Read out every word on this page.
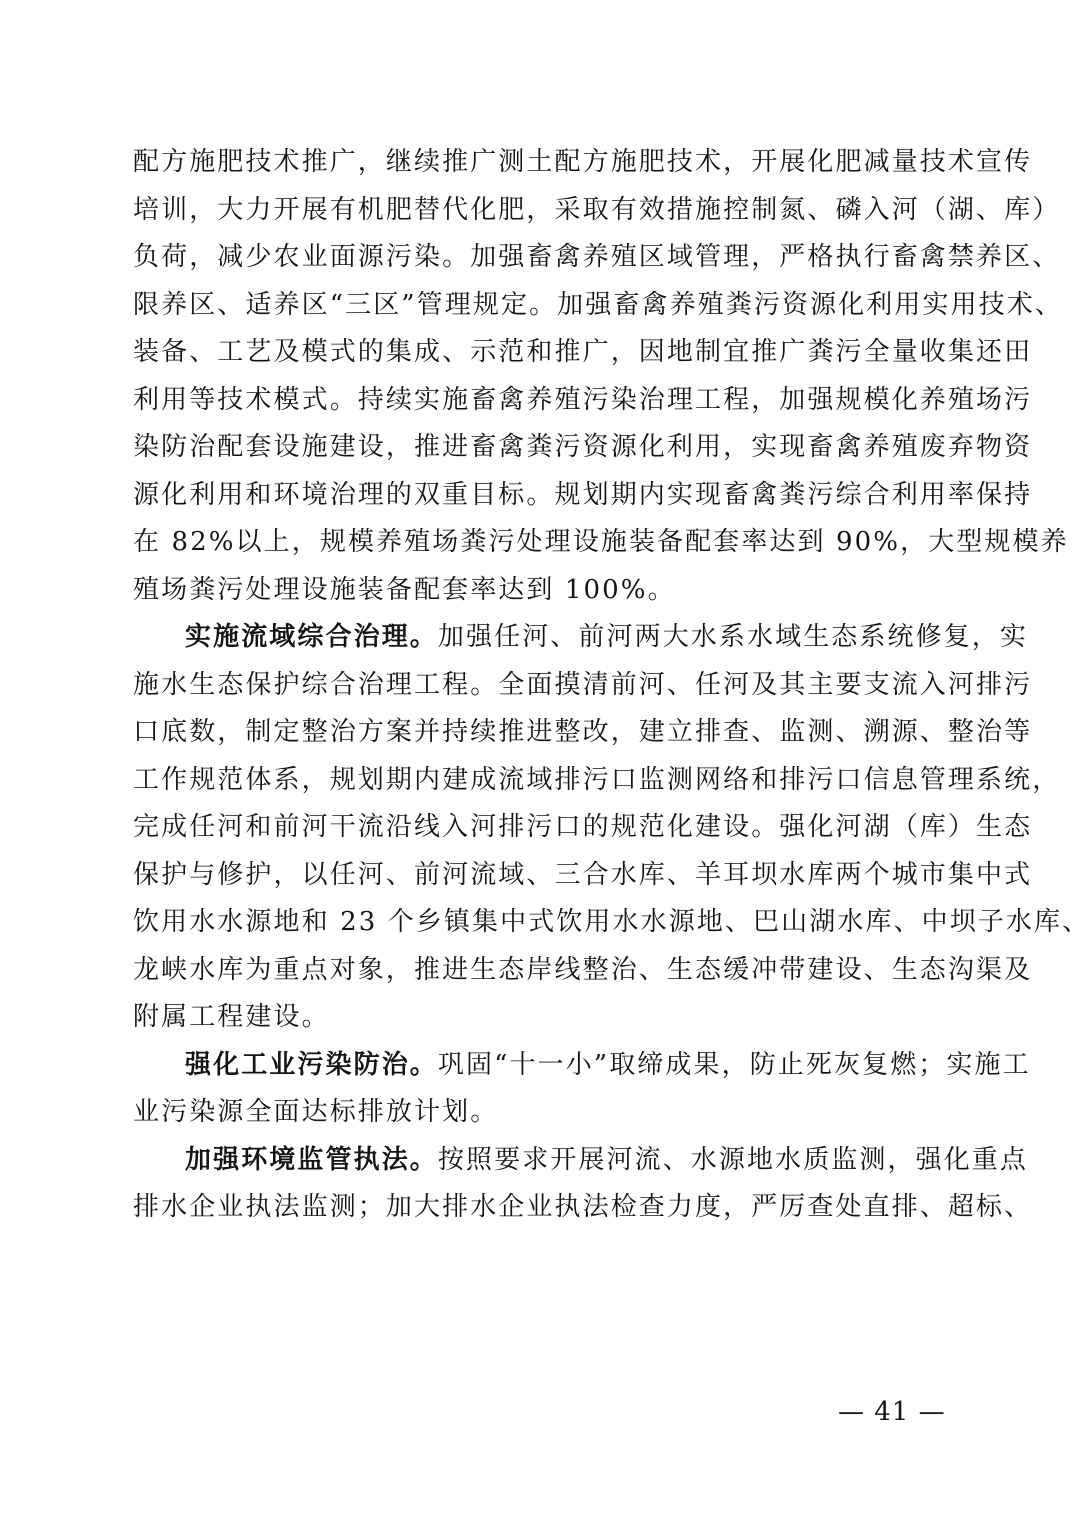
配方施肥技术推广，继续推广测土配方施肥技术，开展化肥减量技术宣传
培训，大力开展有机肥替代化肥，采取有效措施控制氮、磷入河（湖、库）
负荷，减少农业面源污染。加强畜禽养殖区域管理，严格执行畜禽禁养区、
限养区、适养区“三区”管理规定。加强畜禽养殖粪污资源化利用实用技术、
装备、工艺及模式的集成、示范和推广，因地制宜推广粪污全量收集还田
利用等技术模式。持续实施畜禽养殖污染治理工程，加强规模化养殖场污
染防治配套设施建设，推进畜禽粪污资源化利用，实现畜禽养殖废弃物资
源化利用和环境治理的双重目标。规划期内实现畜禽粪污综合利用率保持
在 82%以上，规模养殖场粪污处理设施装备配套率达到 90%，大型规模养
殖场粪污处理设施装备配套率达到 100%。

实施流域综合治理。加强任河、前河两大水系水域生态系统修复，实
施水生态保护综合治理工程。全面摸清前河、任河及其主要支流入河排污
口底数，制定整治方案并持续推进整改，建立排查、监测、溯源、整治等
工作规范体系，规划期内建成流域排污口监测网络和排污口信息管理系统，
完成任河和前河干流沿线入河排污口的规范化建设。强化河湖（库）生态
保护与修护，以任河、前河流域、三合水库、羊耳坝水库两个城市集中式
饮用水水源地和 23 个乡镇集中式饮用水水源地、巴山湖水库、中坝子水库、
龙峡水库为重点对象，推进生态岸线整治、生态缓冲带建设、生态沟渠及
附属工程建设。

强化工业污染防治。巩固“十一小”取缔成果，防止死灰复燃；实施工
业污染源全面达标排放计划。

加强环境监管执法。按照要求开展河流、水源地水质监测，强化重点
排水企业执法监测；加大排水企业执法检查力度，严厉查处直排、超标、

— 41 —
